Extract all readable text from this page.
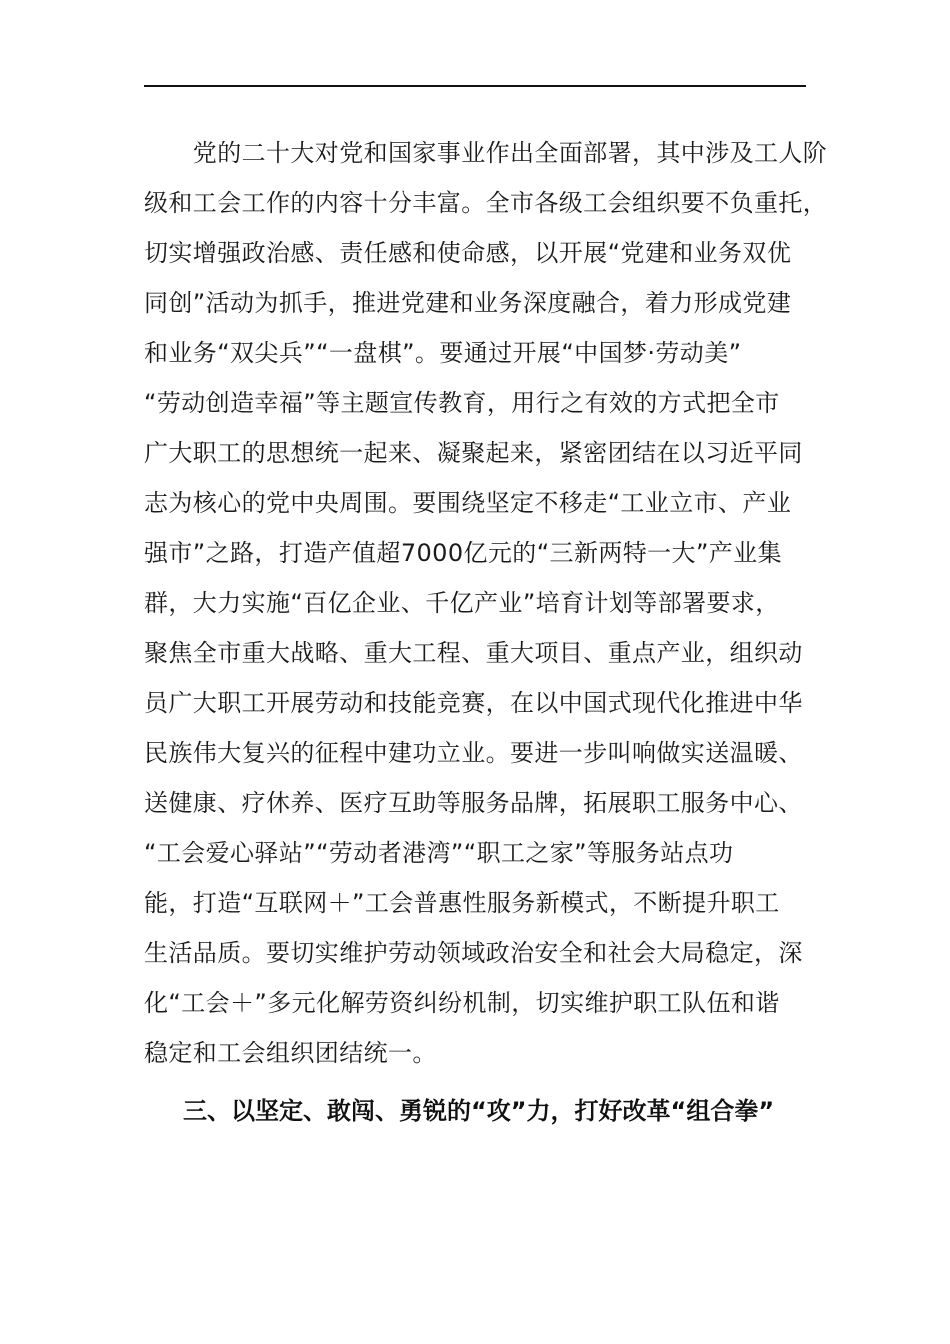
　　党的二十大对党和国家事业作出全面部署，其中涉及工人阶
级和工会工作的内容十分丰富。全市各级工会组织要不负重托，
切实增强政治感、责任感和使命感，以开展“党建和业务双优
同创”活动为抓手，推进党建和业务深度融合，着力形成党建
和业务“双尖兵”“一盘棋”。要通过开展“中国梦·劳动美”
“劳动创造幸福”等主题宣传教育，用行之有效的方式把全市
广大职工的思想统一起来、凝聚起来，紧密团结在以习近平同
志为核心的党中央周围。要围绕坚定不移走“工业立市、产业
强市”之路，打造产值超7000亿元的“三新两特一大”产业集
群，大力实施“百亿企业、千亿产业”培育计划等部署要求，
聚焦全市重大战略、重大工程、重大项目、重点产业，组织动
员广大职工开展劳动和技能竞赛，在以中国式现代化推进中华
民族伟大复兴的征程中建功立业。要进一步叫响做实送温暖、
送健康、疗休养、医疗互助等服务品牌，拓展职工服务中心、
“工会爱心驿站”“劳动者港湾”“职工之家”等服务站点功
能，打造“互联网＋”工会普惠性服务新模式，不断提升职工
生活品质。要切实维护劳动领域政治安全和社会大局稳定，深
化“工会＋”多元化解劳资纠纷机制，切实维护职工队伍和谐
稳定和工会组织团结统一。
三、以坚定、敢闯、勇锐的“攻”力，打好改革“组合拳”
